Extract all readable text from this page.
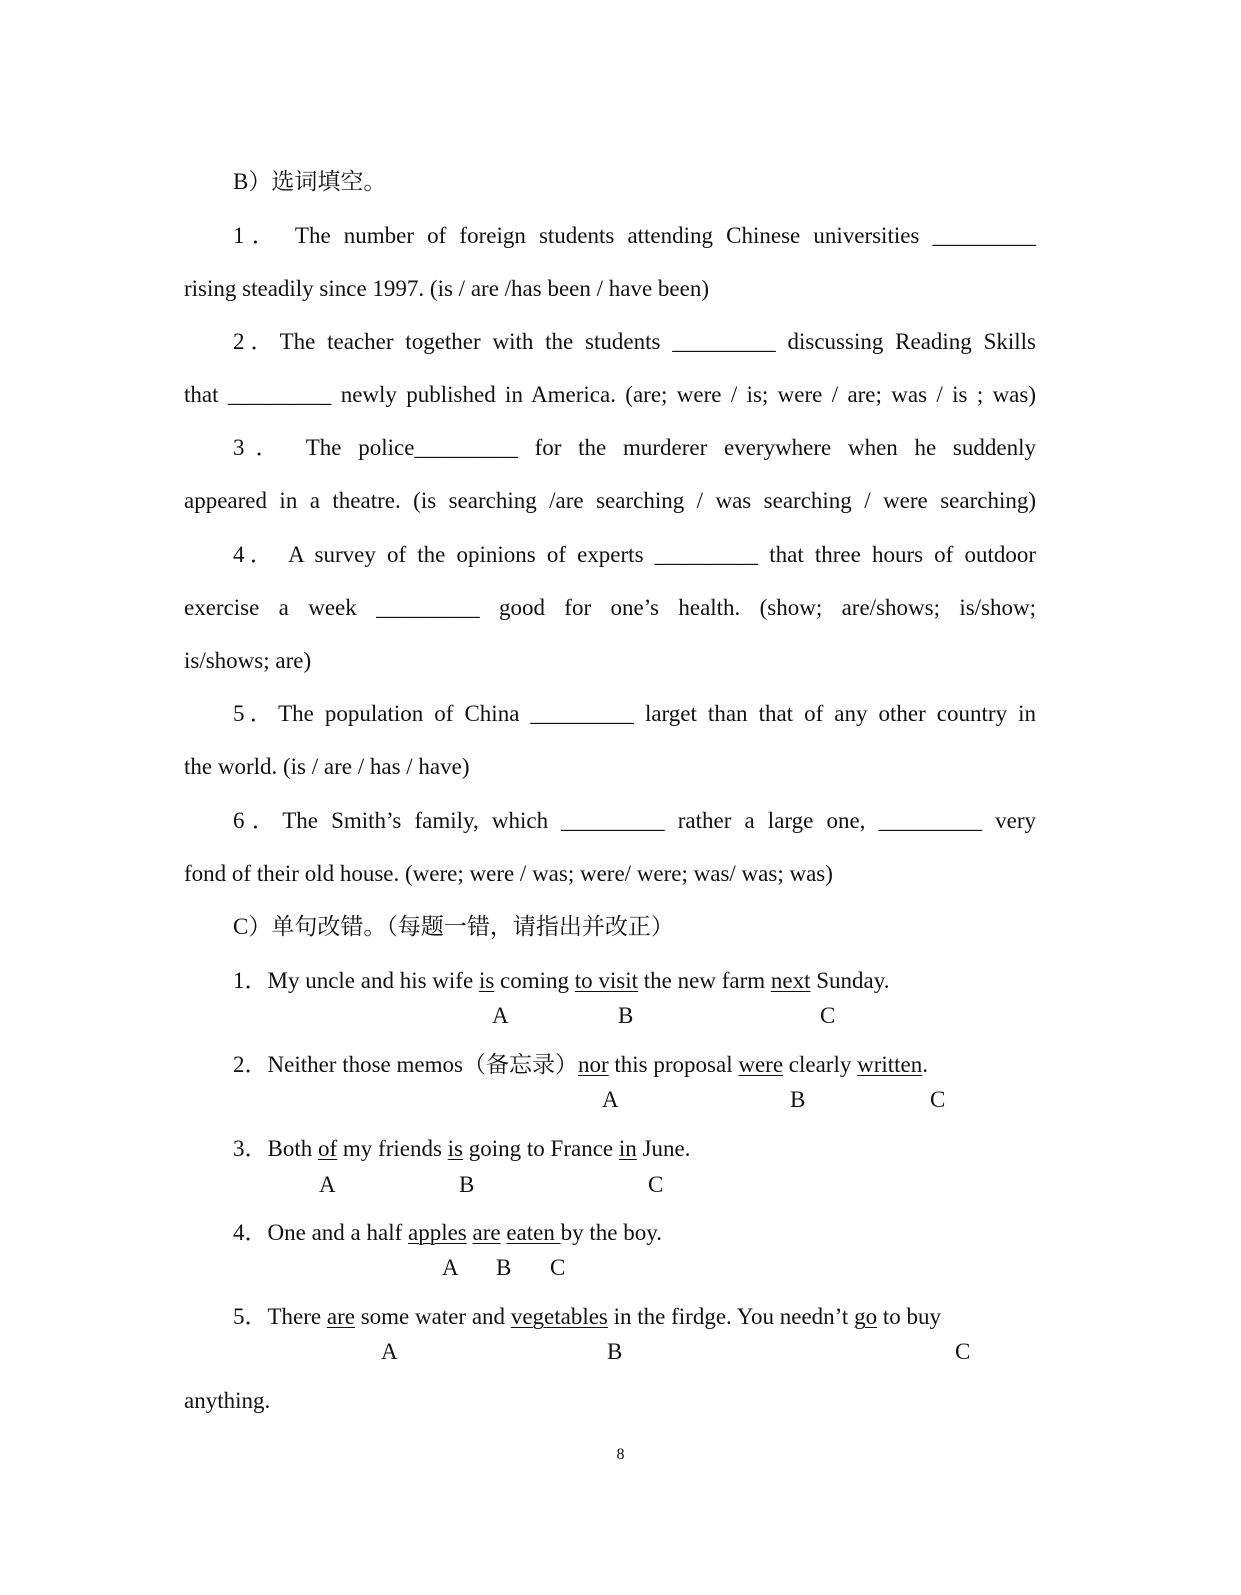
B）选词填空。

1． The number of foreign students attending Chinese universities _________

rising steadily since 1997. (is / are /has been / have been)

2．The teacher together with the students _________ discussing Reading Skills

that _________ newly published in America. (are; were / is; were / are; was / is ; was)

3． The police_________ for the murderer everywhere when he suddenly

appeared in a theatre. (is searching /are searching / was searching / were searching)

4． A survey of the opinions of experts _________ that three hours of outdoor

exercise a week _________ good for one’s health. (show; are/shows; is/show;

is/shows; are)

5．The population of China _________ larget than that of any other country in

the world. (is / are / has / have)

6．The Smith’s family, which _________ rather a large one, _________ very

fond of their old house. (were; were / was; were/ were; was/ was; was)

C）单句改错。（每题一错，请指出并改正）

1．My uncle and his wife is coming to visit the new farm next Sunday.

A	B	C

2．Neither those memos（备忘录）nor this proposal were clearly written.

A	B	C

3．Both of my friends is going to France in June.

A	B	C

4．One and a half apples are eaten by the boy.

A B C

5．There are some water and vegetables in the firdge. You needn’t go to buy

A	B	C

anything.

8
